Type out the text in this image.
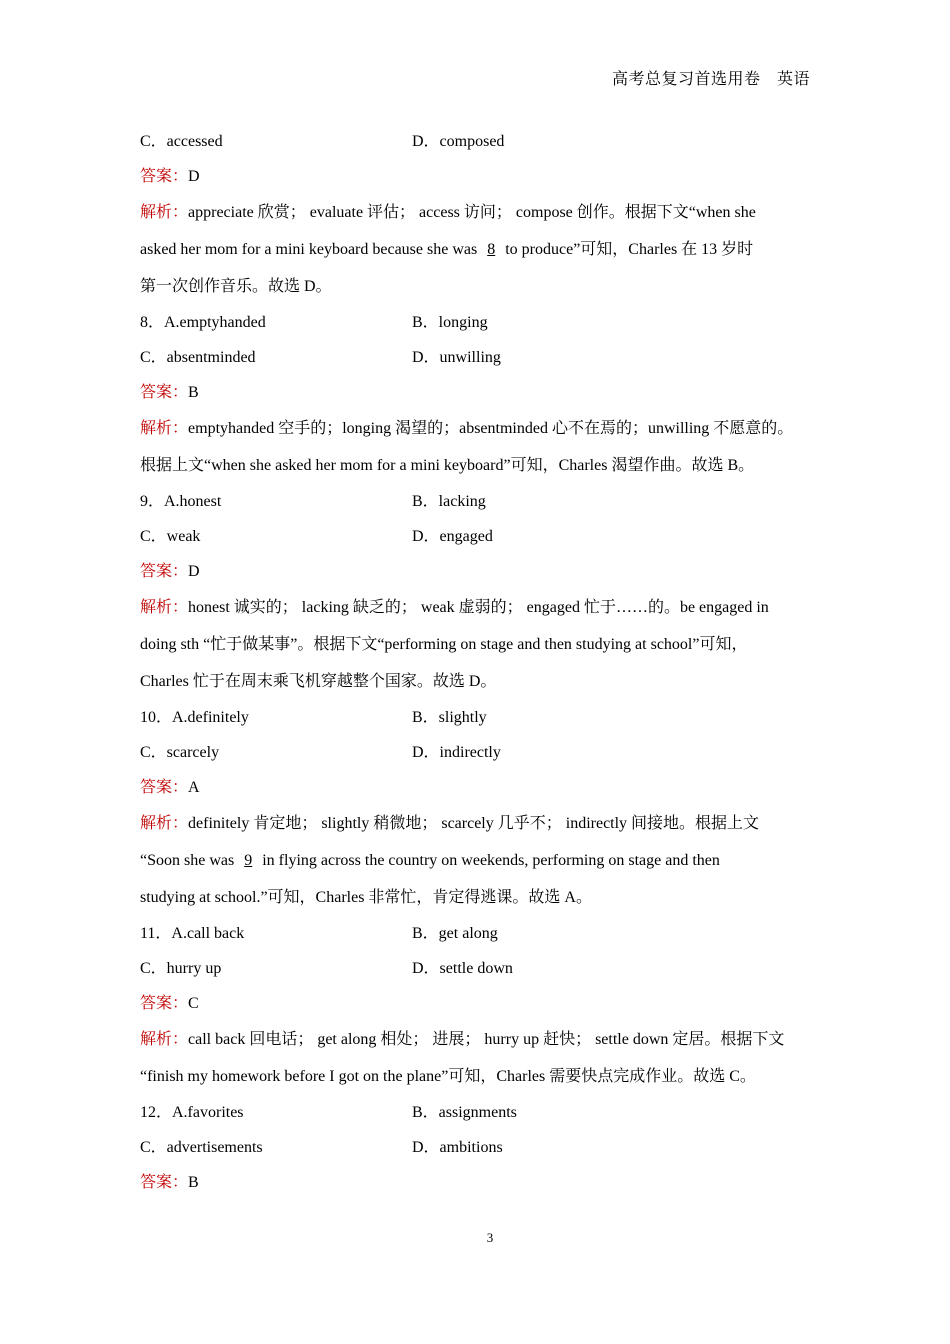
高考总复习首选用卷　英语
C．accessed	D．composed
答案：D
解析：appreciate 欣赏； evaluate 评估； access 访问； compose 创作。根据下文“when she
asked her mom for a mini keyboard because she was 8 to produce”可知，Charles 在 13 岁时
第一次创作音乐。故选 D。
8．A.emptyhanded	B．longing
C．absentminded	D．unwilling
答案：B
解析：emptyhanded 空手的；longing 渴望的；absentminded 心不在焉的；unwilling 不愿意的。
根据上文“when she asked her mom for a mini keyboard”可知，Charles 渴望作曲。故选 B。
9．A.honest	B．lacking
C．weak	D．engaged
答案：D
解析：honest 诚实的； lacking 缺乏的； weak 虚弱的； engaged 忙于……的。be engaged in
doing sth “忙于做某事”。根据下文“performing on stage and then studying at school”可知，
Charles 忙于在周末乘飞机穿越整个国家。故选 D。
10．A.definitely	B．slightly
C．scarcely	D．indirectly
答案：A
解析：definitely 肯定地； slightly 稍微地； scarcely 几乎不； indirectly 间接地。根据上文
“Soon she was 9 in flying across the country on weekends, performing on stage and then
studying at school.”可知，Charles 非常忙，肯定得逃课。故选 A。
11．A.call back	B．get along
C．hurry up	D．settle down
答案：C
解析：call back 回电话； get along 相处； 进展； hurry up 赶快； settle down 定居。根据下文
“finish my homework before I got on the plane”可知，Charles 需要快点完成作业。故选 C。
12．A.favorites	B．assignments
C．advertisements	D．ambitions
答案：B
3
